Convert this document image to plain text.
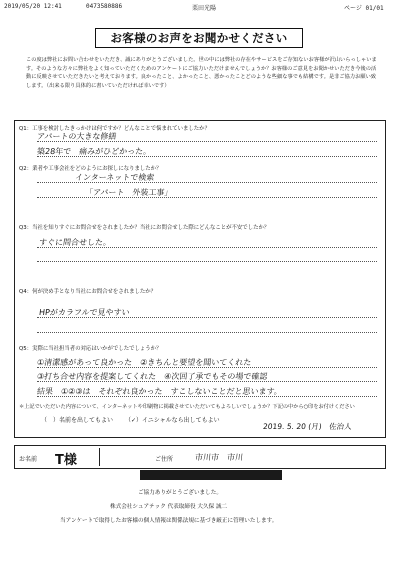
2019/05/20 12:41	0473580886	栗田光陽	ページ 01/01
お客様のお声をお聞かせください
この度は弊社にお問い合わせをいただき、誠にありがとうございました。世の中には弊社の存在やサービスをご存知ないお客様が沢山いらっしゃいます。そのような方々に弊社をよく知っていただくためのアンケートにご協力いただけませんでしょうか？お客様のご意見をお聞かせいただき今後の活動に反映させていただきたいと考えております。良かったこと、よかったこと、悪かったことどのような些細な事でも結構です。是非ご協力お願い致します。（出来る限り具体的に書いていただければ幸いです）
Q1：工事を検討したきっかけは何ですか？どんなことで悩まれていましたか？
アパートの大きな修繕
築28年で　痛みがひどかった。
Q2：業者や工事会社をどのようにお探しになりましたか？
インターネットで検索
「アパート　外装工事」
Q3：当社を知りすぐにお問合せをされましたか？当社にお問合せした際にどんなことが不安でしたか？
すぐに問合せした。
Q4：何が決め手となり当社にお問合せをされましたか？
HPがカラフルで見やすい
Q5：実際に当社担当者の対応はいかがでしたでしょうか？
①清潔感があって良かった　②きちんと要望を聞いてくれた
③打ち合せ内容を提案してくれた　④次回了承でもその場で確認
結果　①②③は　それぞれ良かった　すこしないことだと思います。
＊上記でいただいた内容について、インターネットや印刷物に掲載させていただいてもよろしいでしょうか？下記の中から○印をお付けください
（　）名前を出してもよい （✓）イニシャルなら出してもよい
2019. 5. 20 (月)　佐治人
お名前 T様	ご住所	市川市　市川
ご協力ありがとうございました。
株式会社シュアテック 代表取締役 大久保 誠二
当アンケートで取得したお客様の個人情報は関係法規に基づき厳正に管理いたします。
